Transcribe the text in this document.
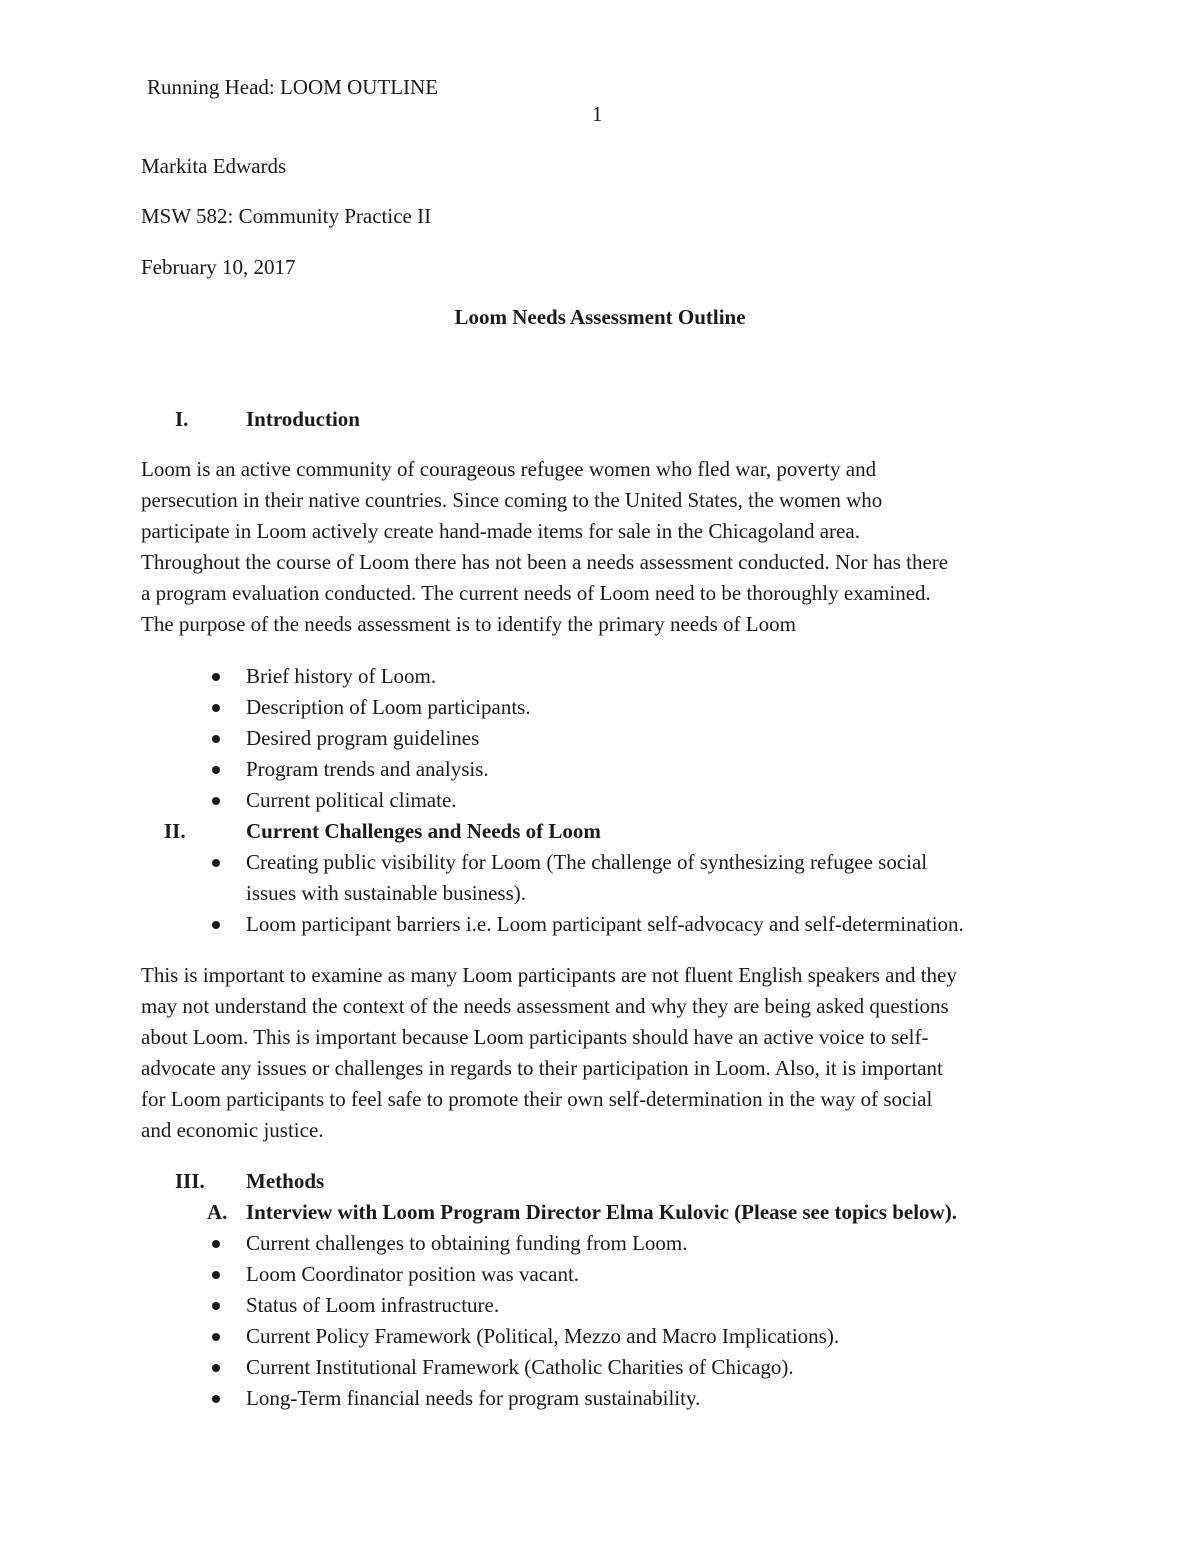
Running Head: LOOM OUTLINE

1

Markita Edwards

MSW 582: Community Practice II

February 10, 2017

Loom Needs Assessment Outline

I.	Introduction
Loom is an active community of courageous refugee women who fled war, poverty and
persecution in their native countries. Since coming to the United States, the women who
participate in Loom actively create hand-made items for sale in the Chicagoland area.
Throughout the course of Loom there has not been a needs assessment conducted. Nor has there
a program evaluation conducted. The current needs of Loom need to be thoroughly examined.
The purpose of the needs assessment is to identify the primary needs of Loom
Brief history of Loom.
Description of Loom participants.
Desired program guidelines
Program trends and analysis.
Current political climate.
II.	Current Challenges and Needs of Loom
Creating public visibility for Loom (The challenge of synthesizing refugee social
issues with sustainable business).
Loom participant barriers i.e. Loom participant self-advocacy and self-determination.
This is important to examine as many Loom participants are not fluent English speakers and they
may not understand the context of the needs assessment and why they are being asked questions
about Loom. This is important because Loom participants should have an active voice to self-
advocate any issues or challenges in regards to their participation in Loom. Also, it is important
for Loom participants to feel safe to promote their own self-determination in the way of social
and economic justice.
III. Methods
A. Interview with Loom Program Director Elma Kulovic (Please see topics below).
Current challenges to obtaining funding from Loom.
Loom Coordinator position was vacant.
Status of Loom infrastructure.
Current Policy Framework (Political, Mezzo and Macro Implications).
Current Institutional Framework (Catholic Charities of Chicago).
Long-Term financial needs for program sustainability.
